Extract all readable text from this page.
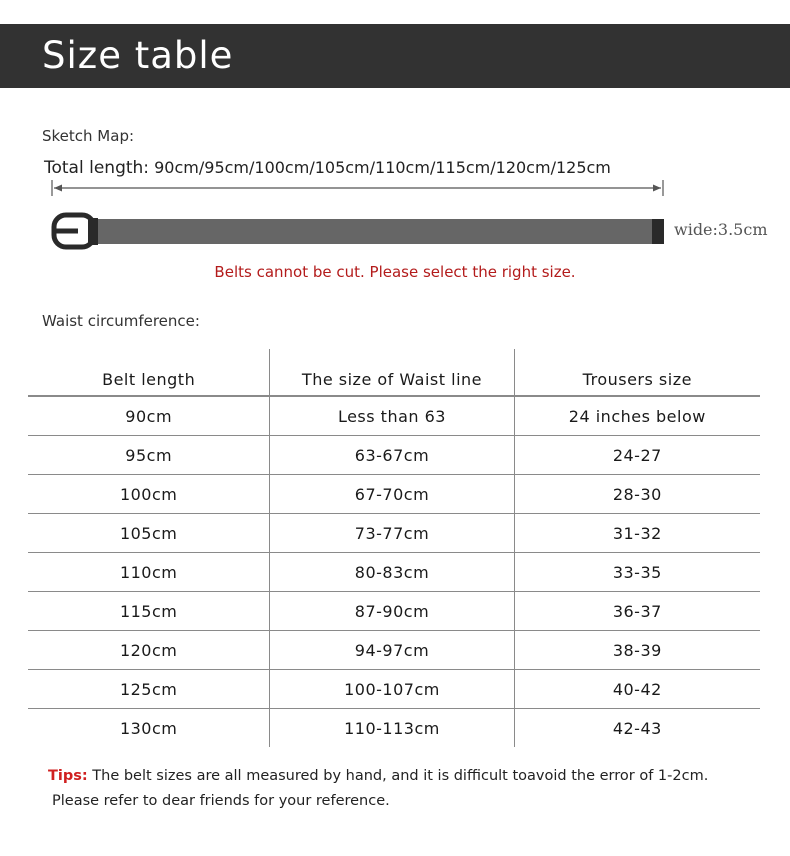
Size table
Sketch Map:
Total length: 90cm/95cm/100cm/105cm/110cm/115cm/120cm/125cm
wide:3.5cm
Belts cannot be cut. Please select the right size.
Waist circumference:
Belt length	The size of Waist line	Trousers size
90cm	Less than 63	24 inches below
95cm	63-67cm	24-27
100cm	67-70cm	28-30
105cm	73-77cm	31-32
110cm	80-83cm	33-35
115cm	87-90cm	36-37
120cm	94-97cm	38-39
125cm	100-107cm	40-42
130cm	110-113cm	42-43
Tips: The belt sizes are all measured by hand, and it is difficult toavoid the error of 1-2cm.
Please refer to dear friends for your reference.
